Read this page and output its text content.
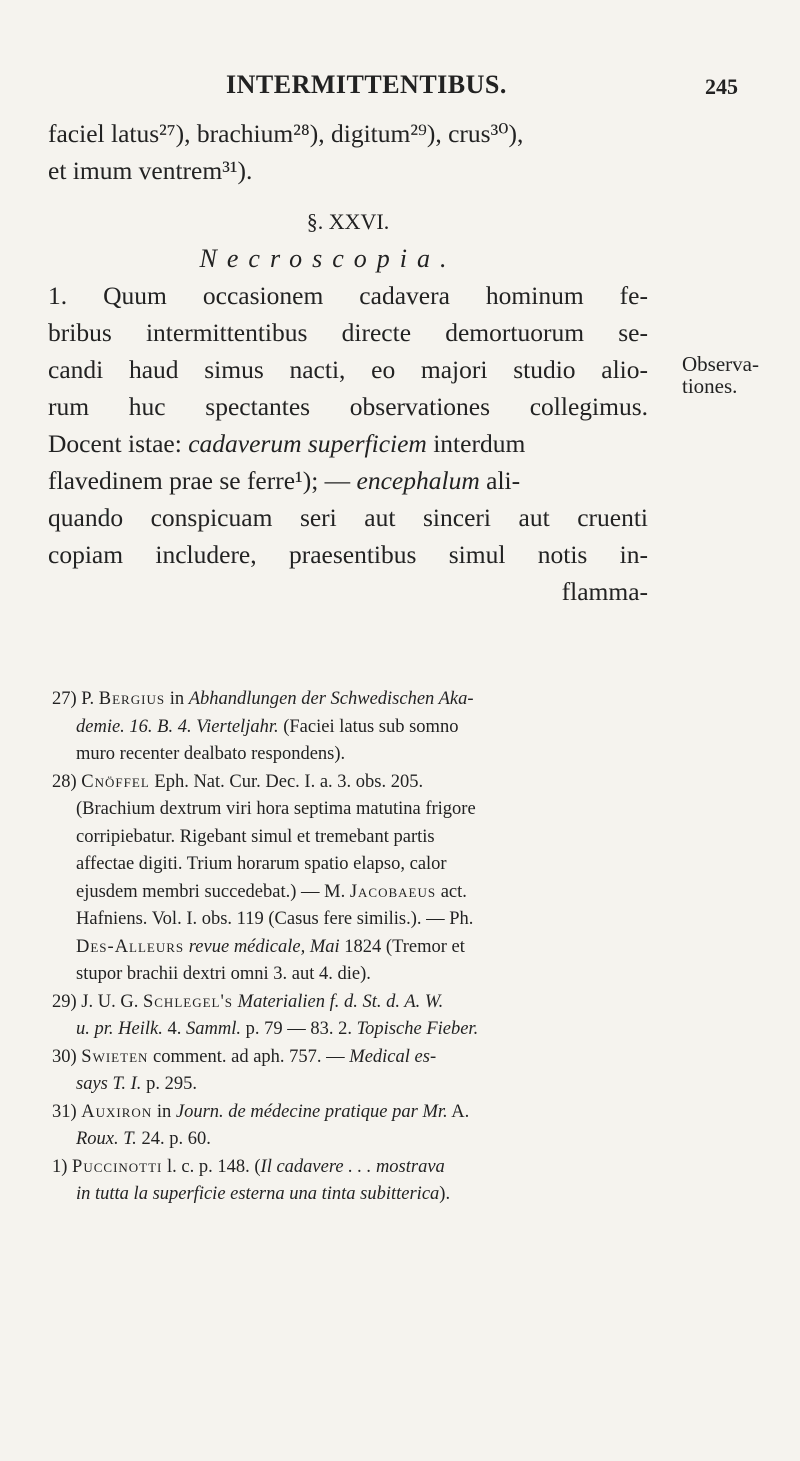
INTERMITTENTIBUS.	245
faciel latus²⁷), brachium²⁸), digitum²⁹), crus³⁰),
et imum ventrem³¹).
§. XXVI.
Necroscopia.
1. Quum occasionem cadavera hominum fe-
bribus intermittentibus directe demortuorum se-
candi haud simus nacti, eo majori studio alio-
rum huc spectantes observationes collegimus.
Docent istae: cadaverum superficiem interdum
flavedinem prae se ferre¹); — encephalum ali-
quando conspicuam seri aut sinceri aut cruenti
copiam includere, praesentibus simul notis in-
flamma-
Observa-
tiones.
27) P. Bergius in Abhandlungen der Schwedischen Aka-
demie. 16. B. 4. Vierteljahr. (Faciei latus sub somno
muro recenter dealbato respondens).
28) Cnöffel Eph. Nat. Cur. Dec. I. a. 3. obs. 205.
(Brachium dextrum viri hora septima matutina frigore
corripiebatur. Rigebant simul et tremebant partis
affectae digiti. Trium horarum spatio elapso, calor
ejusdem membri succedebat.) — M. Jacobaeus act.
Hafniens. Vol. I. obs. 119 (Casus fere similis.). — Ph.
Des-Alleurs revue médicale, Mai 1824 (Tremor et
stupor brachii dextri omni 3. aut 4. die).
29) J. U. G. Schlegel's Materialien f. d. St. d. A. W.
u. pr. Heilk. 4. Samml. p. 79 — 83. 2. Topische Fieber.
30) Swieten comment. ad aph. 757. — Medical es-
says T. I. p. 295.
31) Auxiron in Journ. de médecine pratique par Mr. A.
Roux. T. 24. p. 60.
1) Puccinotti l. c. p. 148. (Il cadavere . . . mostrava
in tutta la superficie esterna una tinta subitterica).
